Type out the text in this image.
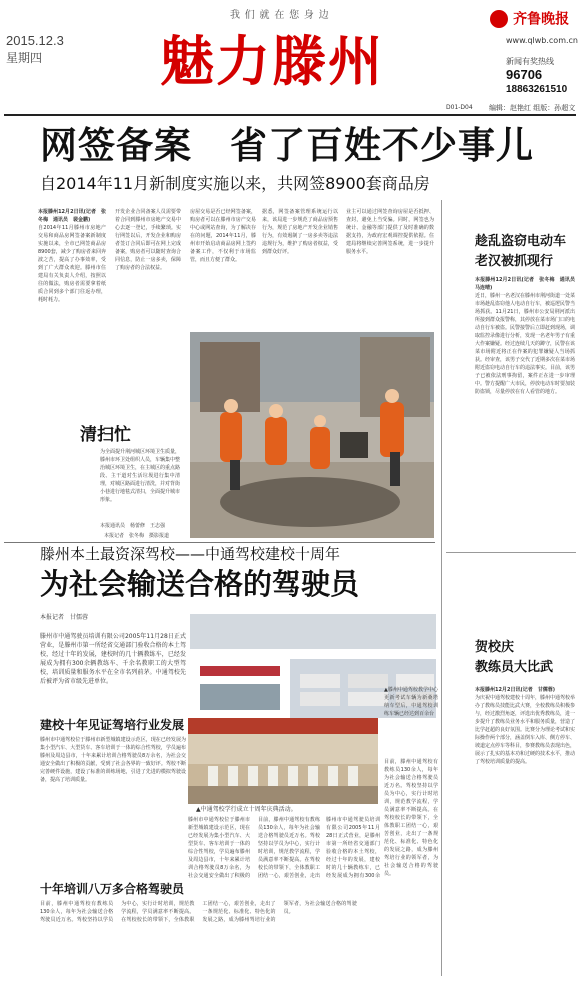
我 们 就 在 您 身 边
2015.12.3
星期四 魅力滕州
齐鲁晚报
www.qlwb.com.cn
新闻有奖热线
96706
18863261510
D01-D04 编辑：赵艳红 组版：孙超文
网签备案　省了百姓不少事儿
自2014年11月新制度实施以来，共网签8900套商品房
本报滕州12月2日讯(记者　张冬梅　通讯员　裴金鹏)
自2014年11月滕州市房地产交易和商品房网签备案新制度实施以来，全市已网签商品房8900套，减少了购房者来回奔波之苦，提高了办事效率，受到了广大群众欢迎。滕州市住建局有关负责人介绍，按照以往的做法，购房者需要拿着纸质合同到多个部门往返办理，耗时耗力。
开发企业合同备案人员需要带着合同到滕州市房地产交易中心去逐一登记，手续繁琐。实行网签以后，开发企业和购房者签订合同后即可在网上完成备案，购房者可以随时查询合同信息，防止一房多卖，保障了购房者的合法权益。
房屋交易是否已经网签备案，购房者可以在滕州市房产交易中心或网站查询，为了解决存在的问题，2014年11月，滕州市开始启动商品房网上签约备案工作，不仅利于市场监管，而且方便了群众。
据悉，网签备案管理系统运行以来，该局进一步规范了商品房预售行为，规范了房地产开发企业销售行为，有效遏制了一房多卖等违法违规行为，维护了购房者权益，受到群众好评。
业主可以通过网签查询房屋是否抵押、查封，避免上当受骗。同时，网签也为统计、金融等部门提供了及时准确的数据支持，为政府宏观调控提供依据。住建局将继续完善网签系统，进一步提升服务水平。
清扫忙
为全面提升荆河城区环境卫生质量，滕州市环卫处组织人员，车辆集中整治城区环境卫生，在主城区的重点路段、主干道对生活垃圾进行集中清理，对城区路面进行清洗，并对背街小巷进行地毯式清扫，全面提升城市形象。
本报通讯员　杨蕾修　王志强
本报记者　张冬梅　摄影报道
滕州本土最资深驾校——中通驾校建校十周年
为社会输送合格的驾驶员
本报记者　甘儒蓉
滕州市中通驾驶员培训有限公司2005年11月28日正式营业，是滕州市第一所经省交通部门验收合格的本土驾校，经过十年的发展，建校时的几十辆教练车，已经发展成为拥有300余辆教练车、千余名教职工的大型驾校，培训质量和服务水平在全市名列前茅。中通驾校先后被评为省市级先进单位。
▲滕州中通驾校教学中心更新考试车辆为新桑塔纳车型后，中通驾校训练车辆已经达到百余台
▲中通驾校学行成立十周年庆典活动。
建校十年见证驾培行业发展
滕州市中通驾校位于滕州市新型城镇建设示范区，现在已经发展为集小型汽车、大型货车、客车培训于一体的综合性驾校，学员遍布滕州及周边县市，十年来累计培训合格驾驶员8万余名，为社会交通安全做出了积极的贡献，受到了社会各界的一致好评。驾校不断完善硬件设施，建设了标准的训练场地，引进了先进的模拟驾驶设备，提高了培训质量。
滕州市中通驾校位于滕州市新型城镇建设示范区，现在已经发展为集小型汽车、大型货车、客车培训于一体的综合性驾校，学员遍布滕州及周边县市，十年来累计培训合格驾驶员8万余名，为社会交通安全做出了积极的
目前，滕州中通驾校有教练员130余人，每年为社会输送合格驾驶员近万名。驾校坚持以学员为中心，实行计时培训，规范教学流程，学员满意率不断提高。在驾校校长的带领下，全体教职工团结一心，艰苦创业，走出
滕州市中通驾驶员培训有限公司2005年11月28日正式营业，是滕州市第一所经省交通部门验收合格的本土驾校，经过十年的发展，建校时的几十辆教练车，已经发展成为拥有300余
目前，滕州中通驾校有教练员130余人，每年为社会输送合格驾驶员近万名。驾校坚持以学员为中心，实行计时培训，规范教学流程，学员满意率不断提高。在驾校校长的带领下，全体教职工团结一心，艰苦创业，走出了一条规范化、标准化、特色化的发展之路，成为滕州驾培行业的领军者，为社会输送合格的驾驶员。
十年培训八万多合格驾驶员
目前，滕州中通驾校有教练员130余人，每年为社会输送合格驾驶员近万名。驾校坚持以学员为中心，实行计时培训，规范教学流程，学员满意率不断提高。在驾校校长的带领下，全体教职工团结一心，艰苦创业，走出了一条规范化、标准化、特色化的发展之路，成为滕州驾培行业的领军者，为社会输送合格的驾驶员。
趁乱盗窃电动车
老汉被抓现行
本报滕州12月2日讯(记者　张冬梅　通讯员　马连晴)
近日，滕州一名老汉在滕州市荆河街道一处菜市场趁乱盗窃他人电动自行车，被巡逻民警当场抓获。11月21日，滕州市公安局荆河派出所接到群众报警称，其停放在菜市场门口的电动自行车被盗。民警接警后立即赶到现场，调取监控录像进行分析，发现一名老年男子有重大作案嫌疑。经过连续几天的蹲守，民警在该菜市场附近将正在作案的犯罪嫌疑人当场抓获。经审查，该男子交代了近期多次在菜市场附近盗窃电动自行车的违法事实。目前，该男子已被依法刑事拘留，案件正在进一步审理中。警方提醒广大市民，停放电动车时要加装防盗锁，尽量停放在有人看管的地方。
贺校庆
教练员大比武
本报滕州12月2日讯(记者　甘儒蓉)
为庆祝中通驾校建校十周年，滕州中通驾校举办了教练员技能比武大赛，全校教练员积极参与，经过激烈角逐，评选出优秀教练员，进一步提升了教练员业务水平和服务质量，营造了比学赶超的良好氛围。比赛分为理论考试和实际操作两个部分，涵盖倒车入库、侧方停车、坡道定点停车等科目，参赛教练员表现出色，展示了扎实的基本功和过硬的技术水平，推动了驾校培训质量的提高。
